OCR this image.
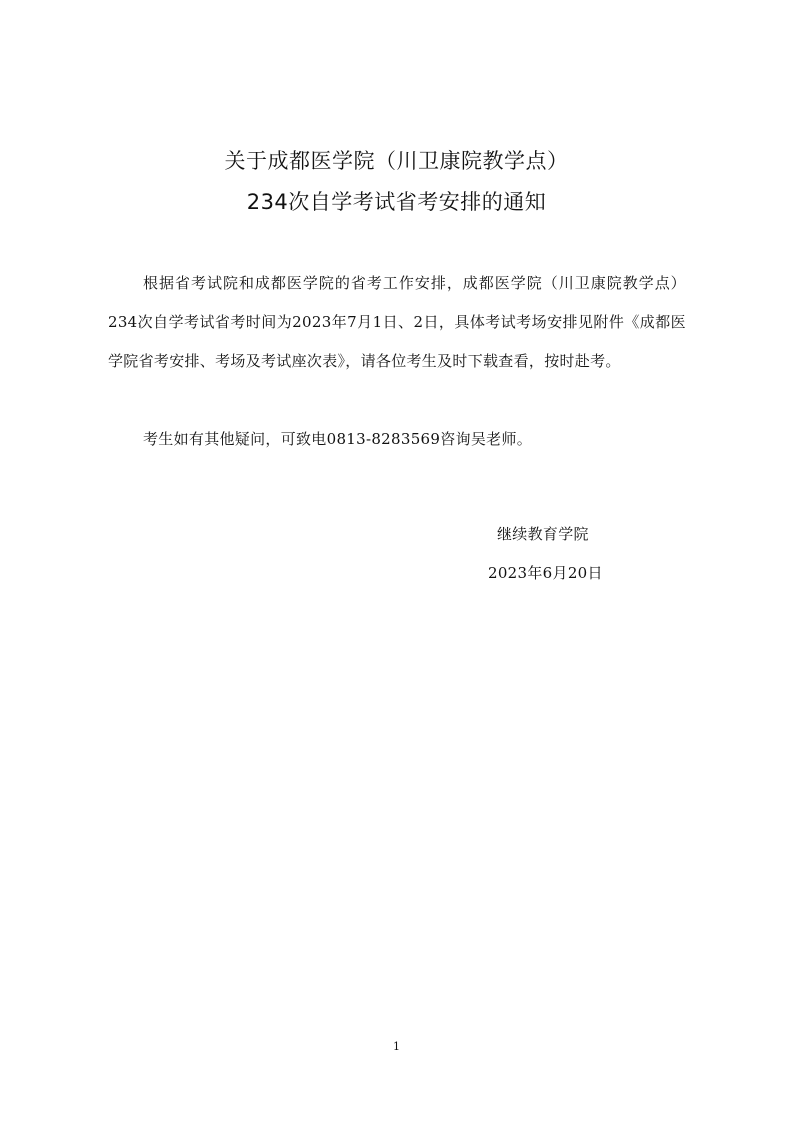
关于成都医学院（川卫康院教学点）
234次自学考试省考安排的通知
根据省考试院和成都医学院的省考工作安排，成都医学院（川卫康院教学点）234次自学考试省考时间为2023年7月1日、2日，具体考试考场安排见附件《成都医学院省考安排、考场及考试座次表》，请各位考生及时下载查看，按时赴考。
考生如有其他疑问，可致电0813-8283569咨询吴老师。
继续教育学院
2023年6月20日
1
